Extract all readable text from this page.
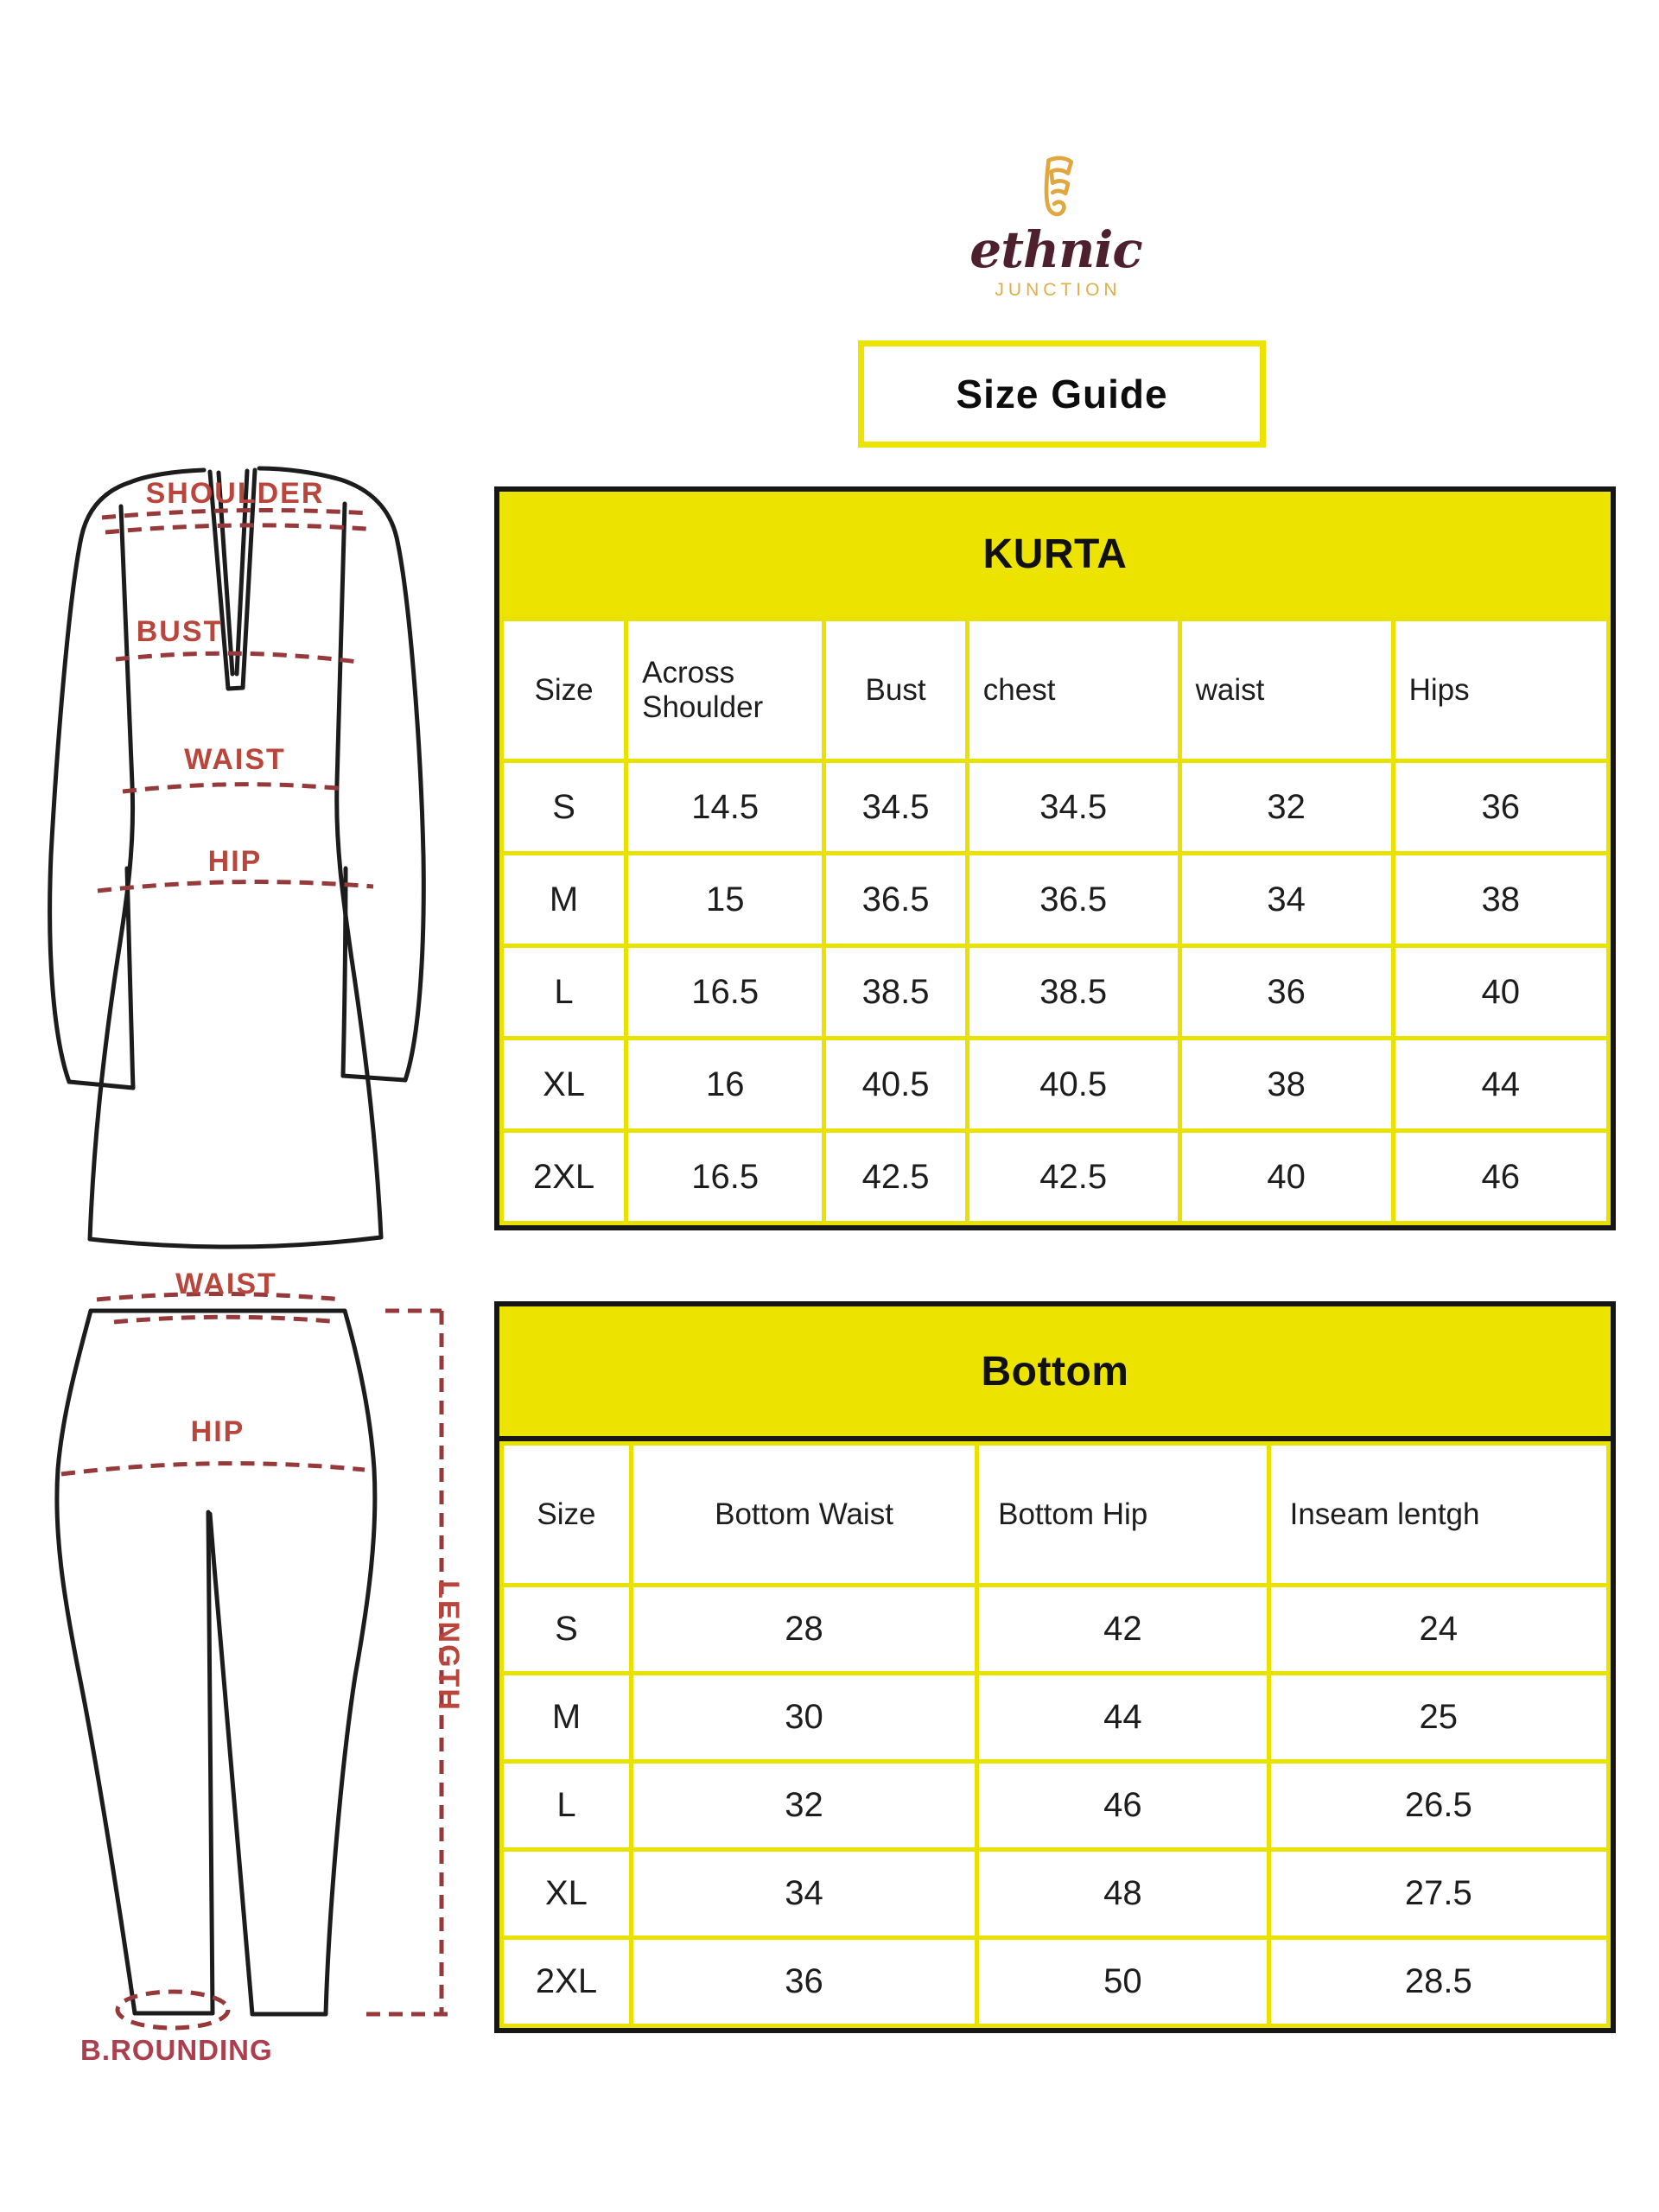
ethnic
JUNCTION
Size Guide
KURTA
Size	Across Shoulder	Bust	chest	waist	Hips
S	14.5	34.5	34.5	32	36
M	15	36.5	36.5	34	38
L	16.5	38.5	38.5	36	40
XL	16	40.5	40.5	38	44
2XL	16.5	42.5	42.5	40	46
Bottom
Size	Bottom Waist	Bottom Hip	Inseam lentgh
S	28	42	24
M	30	44	25
L	32	46	26.5
XL	34	48	27.5
2XL	36	50	28.5
SHOULDER
BUST
WAIST
HIP
WAIST
HIP
LENGTH
B.ROUNDING
